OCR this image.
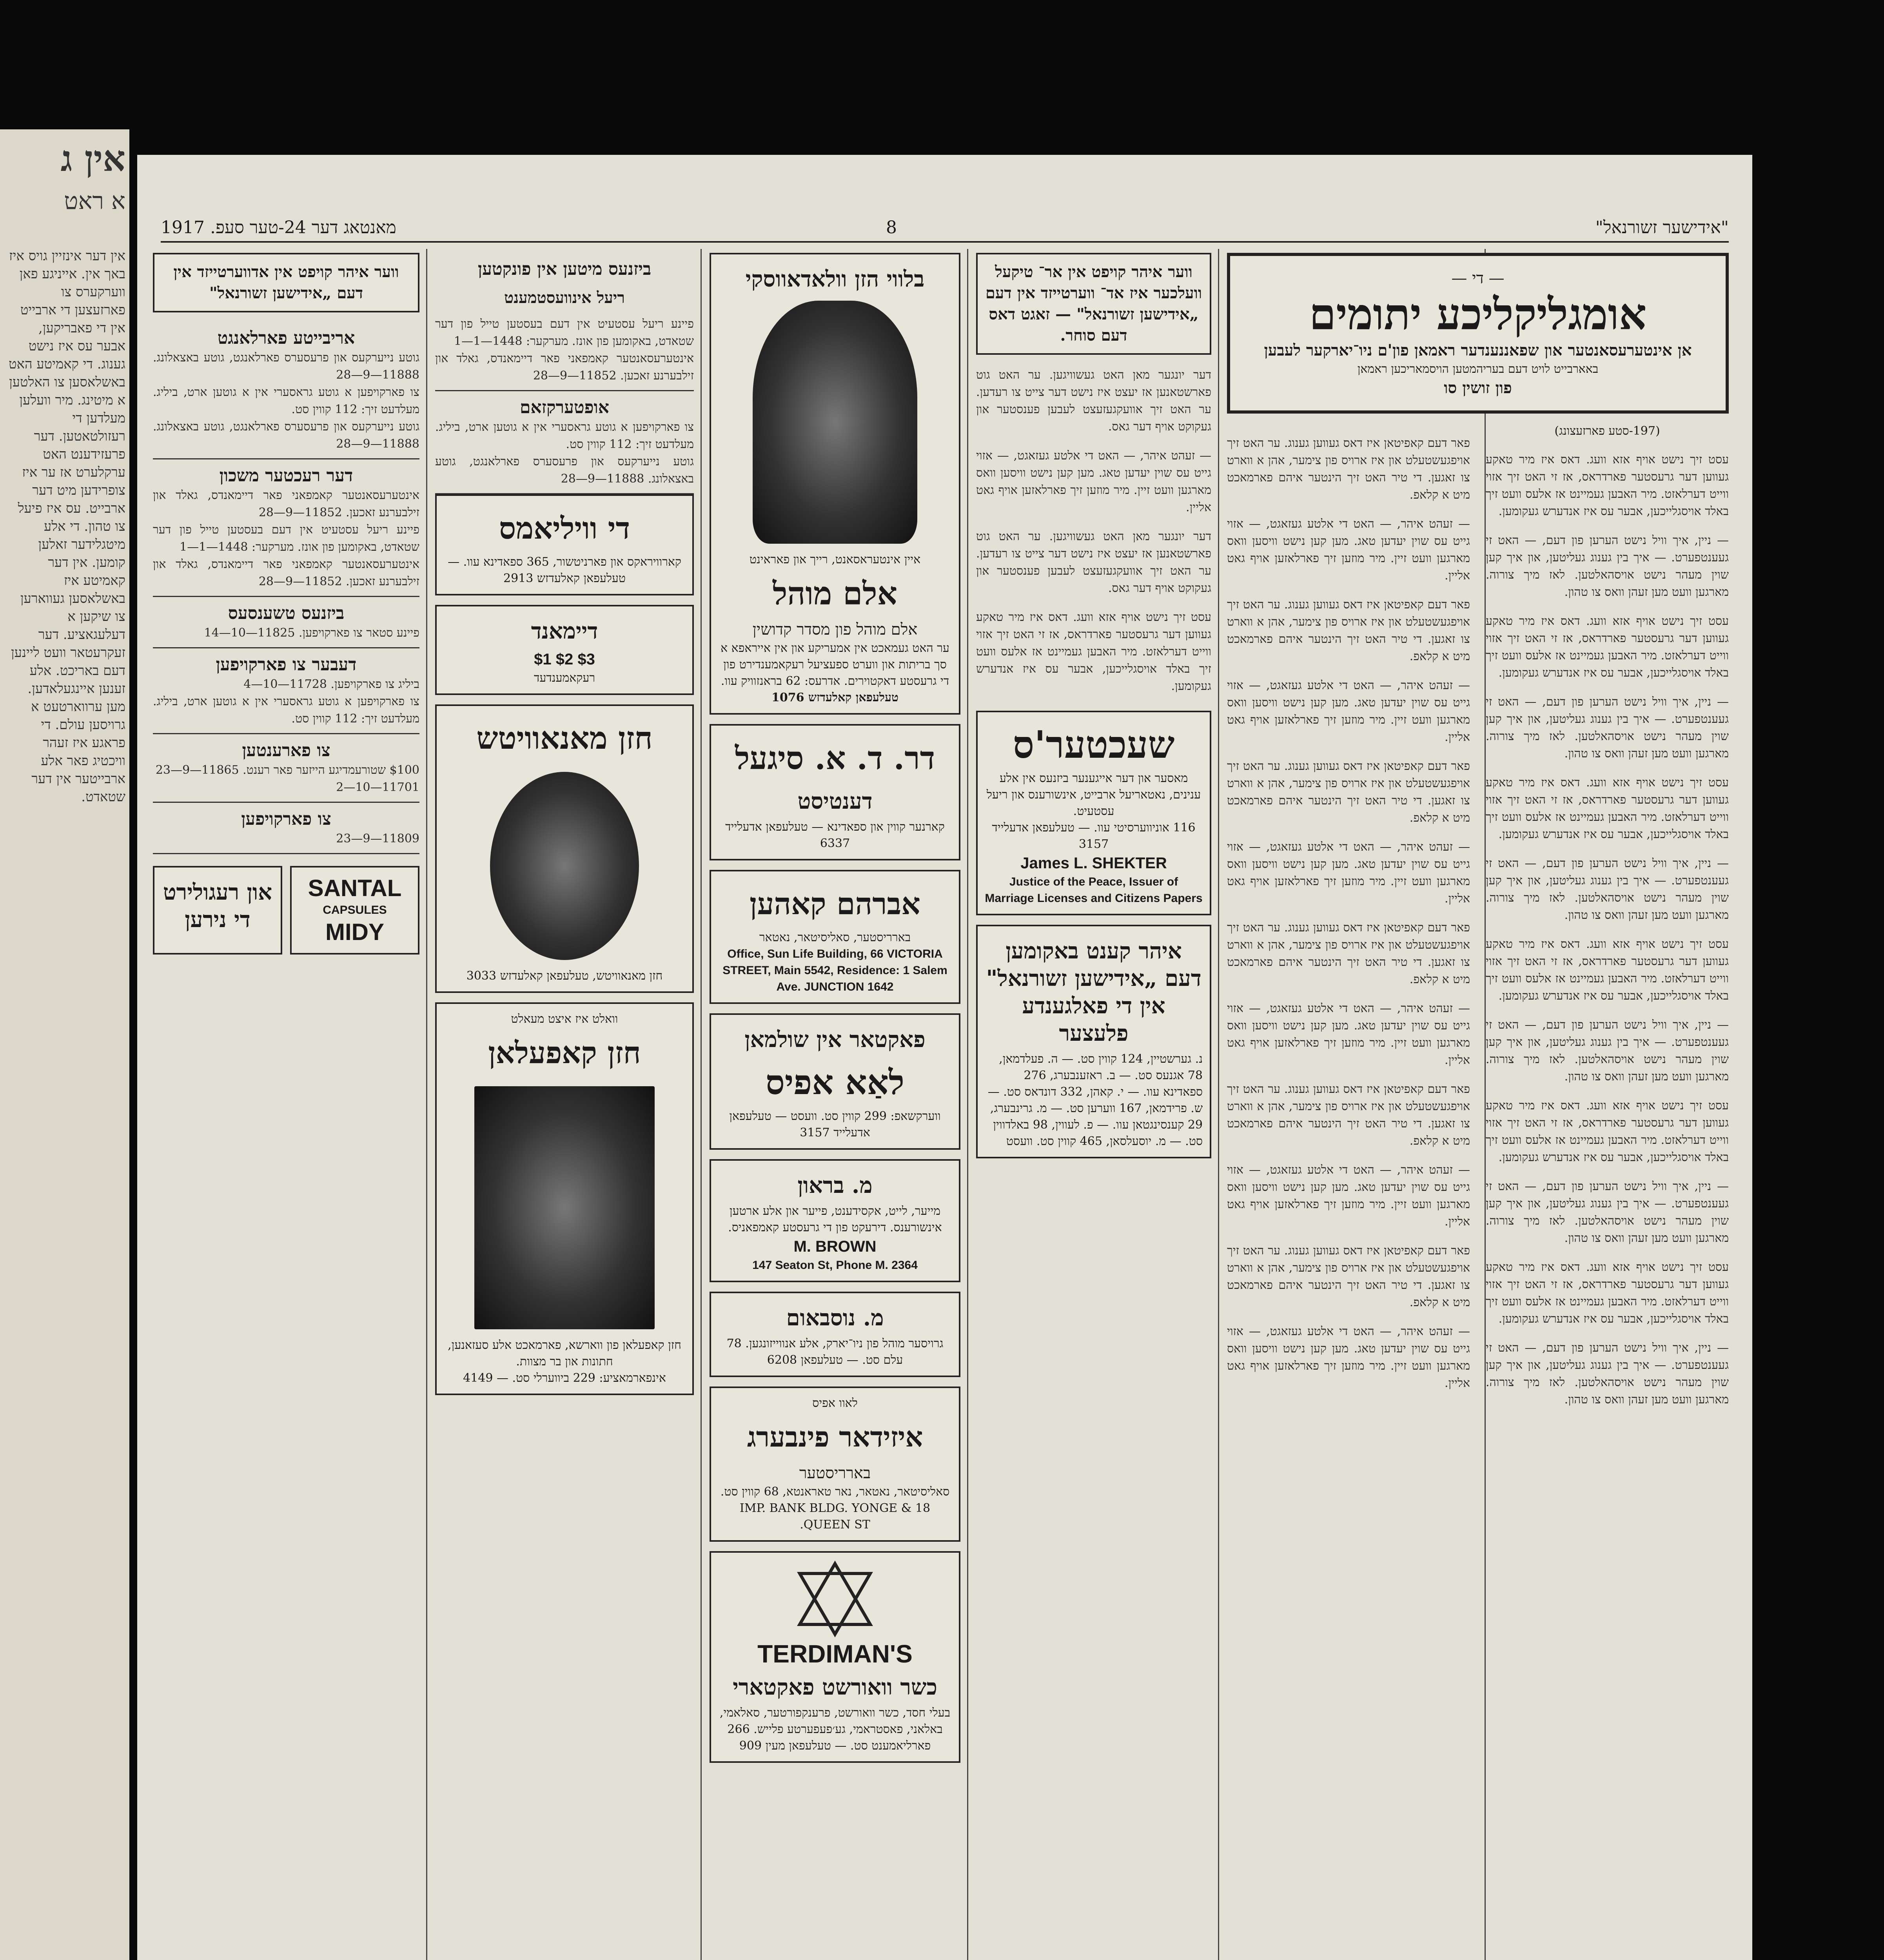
אין ג
א ראט
אין דער אינזיין גויס איז באך אין. אייניגע פאן ווערקערס צו פארזעצען די ארבייט אין די פאבריקען, אבער עס איז נישט גענוג. די קאמיטע האט באשלאסען צו האלטען א מיטינג. מיר וועלען מעלדען די רעזולטאטען. דער פרעזידענט האט ערקלערט אז ער איז צופרידען מיט דער ארבייט. עס איז פיעל צו טהון. די אלע מיטגלידער זאלען קומען. אין דער קאמיטע איז באשלאסען געווארען צו שיקען א דעלעגאציע. דער זעקרעטאר וועט ליינען דעם באריכט. אלע זענען איינגעלאדען. מען ערווארטעט א גרויסען עולם. די פראגע איז זעהר וויכטיג פאר אלע ארבייטער אין דער שטאדט.
"אידישער זשורנאל"
8
מאנטאג דער 24-טער סעפ. 1917
— די —
אומגליקליכע יתומים
אן אינטערעסאנטער און שפאננענדער ראמאן פון'ם ניו־יארקער לעבען
באארבייט לויט דעם בעריהמטען הויסמאריכען ראמאן
פון זושין סו
(197-סטע פארזעצונג)

עסט זיך נישט אויף אזא וועג. דאס איז מיר טאקע געווען דער גרעסטער פארדראס, אז זי האט זיך אזוי ווייט דערלאזט. מיר האבען געמיינט אז אלעס וועט זיך באלד אויסגלייכען, אבער עס איז אנדערש געקומען.

— ניין, איך וויל נישט הערען פון דעם, — האט זי געענטפערט. — איך בין גענוג געליטען, און איך קען שוין מעהר נישט אויסהאלטען. לאז מיך צורוה. מארגען וועט מען זעהן וואס צו טהון.

עסט זיך נישט אויף אזא וועג. דאס איז מיר טאקע געווען דער גרעסטער פארדראס, אז זי האט זיך אזוי ווייט דערלאזט. מיר האבען געמיינט אז אלעס וועט זיך באלד אויסגלייכען, אבער עס איז אנדערש געקומען.

— ניין, איך וויל נישט הערען פון דעם, — האט זי געענטפערט. — איך בין גענוג געליטען, און איך קען שוין מעהר נישט אויסהאלטען. לאז מיך צורוה. מארגען וועט מען זעהן וואס צו טהון.

עסט זיך נישט אויף אזא וועג. דאס איז מיר טאקע געווען דער גרעסטער פארדראס, אז זי האט זיך אזוי ווייט דערלאזט. מיר האבען געמיינט אז אלעס וועט זיך באלד אויסגלייכען, אבער עס איז אנדערש געקומען.

— ניין, איך וויל נישט הערען פון דעם, — האט זי געענטפערט. — איך בין גענוג געליטען, און איך קען שוין מעהר נישט אויסהאלטען. לאז מיך צורוה. מארגען וועט מען זעהן וואס צו טהון.

עסט זיך נישט אויף אזא וועג. דאס איז מיר טאקע געווען דער גרעסטער פארדראס, אז זי האט זיך אזוי ווייט דערלאזט. מיר האבען געמיינט אז אלעס וועט זיך באלד אויסגלייכען, אבער עס איז אנדערש געקומען.

— ניין, איך וויל נישט הערען פון דעם, — האט זי געענטפערט. — איך בין גענוג געליטען, און איך קען שוין מעהר נישט אויסהאלטען. לאז מיך צורוה. מארגען וועט מען זעהן וואס צו טהון.

עסט זיך נישט אויף אזא וועג. דאס איז מיר טאקע געווען דער גרעסטער פארדראס, אז זי האט זיך אזוי ווייט דערלאזט. מיר האבען געמיינט אז אלעס וועט זיך באלד אויסגלייכען, אבער עס איז אנדערש געקומען.

— ניין, איך וויל נישט הערען פון דעם, — האט זי געענטפערט. — איך בין גענוג געליטען, און איך קען שוין מעהר נישט אויסהאלטען. לאז מיך צורוה. מארגען וועט מען זעהן וואס צו טהון.

עסט זיך נישט אויף אזא וועג. דאס איז מיר טאקע געווען דער גרעסטער פארדראס, אז זי האט זיך אזוי ווייט דערלאזט. מיר האבען געמיינט אז אלעס וועט זיך באלד אויסגלייכען, אבער עס איז אנדערש געקומען.

— ניין, איך וויל נישט הערען פון דעם, — האט זי געענטפערט. — איך בין גענוג געליטען, און איך קען שוין מעהר נישט אויסהאלטען. לאז מיך צורוה. מארגען וועט מען זעהן וואס צו טהון.

פאר דעם קאפיטאן איז דאס געווען גענוג. ער האט זיך אויפגעשטעלט און איז ארויס פון צימער, אהן א ווארט צו זאגען. די טיר האט זיך הינטער איהם פארמאכט מיט א קלאפ.

— זעהט איהר, — האט די אלטע געזאגט, — אזוי גייט עס שוין יעדען טאג. מען קען נישט וויסען וואס מארגען וועט זיין. מיר מוזען זיך פארלאזען אויף גאט אליין.

פאר דעם קאפיטאן איז דאס געווען גענוג. ער האט זיך אויפגעשטעלט און איז ארויס פון צימער, אהן א ווארט צו זאגען. די טיר האט זיך הינטער איהם פארמאכט מיט א קלאפ.

— זעהט איהר, — האט די אלטע געזאגט, — אזוי גייט עס שוין יעדען טאג. מען קען נישט וויסען וואס מארגען וועט זיין. מיר מוזען זיך פארלאזען אויף גאט אליין.

פאר דעם קאפיטאן איז דאס געווען גענוג. ער האט זיך אויפגעשטעלט און איז ארויס פון צימער, אהן א ווארט צו זאגען. די טיר האט זיך הינטער איהם פארמאכט מיט א קלאפ.

— זעהט איהר, — האט די אלטע געזאגט, — אזוי גייט עס שוין יעדען טאג. מען קען נישט וויסען וואס מארגען וועט זיין. מיר מוזען זיך פארלאזען אויף גאט אליין.

פאר דעם קאפיטאן איז דאס געווען גענוג. ער האט זיך אויפגעשטעלט און איז ארויס פון צימער, אהן א ווארט צו זאגען. די טיר האט זיך הינטער איהם פארמאכט מיט א קלאפ.

— זעהט איהר, — האט די אלטע געזאגט, — אזוי גייט עס שוין יעדען טאג. מען קען נישט וויסען וואס מארגען וועט זיין. מיר מוזען זיך פארלאזען אויף גאט אליין.

פאר דעם קאפיטאן איז דאס געווען גענוג. ער האט זיך אויפגעשטעלט און איז ארויס פון צימער, אהן א ווארט צו זאגען. די טיר האט זיך הינטער איהם פארמאכט מיט א קלאפ.

— זעהט איהר, — האט די אלטע געזאגט, — אזוי גייט עס שוין יעדען טאג. מען קען נישט וויסען וואס מארגען וועט זיין. מיר מוזען זיך פארלאזען אויף גאט אליין.

פאר דעם קאפיטאן איז דאס געווען גענוג. ער האט זיך אויפגעשטעלט און איז ארויס פון צימער, אהן א ווארט צו זאגען. די טיר האט זיך הינטער איהם פארמאכט מיט א קלאפ.

— זעהט איהר, — האט די אלטע געזאגט, — אזוי גייט עס שוין יעדען טאג. מען קען נישט וויסען וואס מארגען וועט זיין. מיר מוזען זיך פארלאזען אויף גאט אליין.

ווער איהר קויפט אין אר־ טיקעל וועלכער איז אד־ ווערטייזד אין דעם „אידישען זשורנאל" — זאגט דאס דעם סוחר.

דער יונגער מאן האט געשוויגען. ער האט גוט פארשטאנען אז יעצט איז נישט דער צייט צו רעדען. ער האט זיך אוועקגעזעצט לעבען פענסטער און געקוקט אויף דער גאס.

— זעהט איהר, — האט די אלטע געזאגט, — אזוי גייט עס שוין יעדען טאג. מען קען נישט וויסען וואס מארגען וועט זיין. מיר מוזען זיך פארלאזען אויף גאט אליין.

דער יונגער מאן האט געשוויגען. ער האט גוט פארשטאנען אז יעצט איז נישט דער צייט צו רעדען. ער האט זיך אוועקגעזעצט לעבען פענסטער און געקוקט אויף דער גאס.

עסט זיך נישט אויף אזא וועג. דאס איז מיר טאקע געווען דער גרעסטער פארדראס, אז זי האט זיך אזוי ווייט דערלאזט. מיר האבען געמיינט אז אלעס וועט זיך באלד אויסגלייכען, אבער עס איז אנדערש געקומען.

שעכטער'ס
מאסער און דער אייגענער ביזנעס אין אלע ענינים, נאטאריעל ארבייט, אינשורענס און ריעל עסטעיט.
116 אוניווערסיטי עוו. — טעלעפאן אדעלייד 3157
James L. SHEKTER
Justice of the Peace, Issuer of Marriage Licenses and Citizens Papers
איהר קענט באקומען דעם „אידישען זשורנאל" אין די פאלגענדע פלעצער
נ. גערשטיין, 124 קווין סט. — ה. פעלדמאן, 78 אגנעס סט. — ב. ראזענבערג, 276 ספאדינא עוו. — י. קאהן, 332 דונדאס סט. — ש. פרידמאן, 167 ווערען סט. — מ. גרינבערג, 29 קענסינגטאן עוו. — פ. לעווין, 98 באלדווין סט. — מ. יוסעלסאן, 465 קווין סט. וועסט
בלווי הזן וולאדאווסקי
איין אינטעראסאנט, רייך און פאראינט
אלם מוהל
אלם מוהל פון מסדר קדושין
ער האט געמאכט אין אמעריקע און אין אייראפא א סך בריתות און ווערט ספעציעל רעקאמענדירט פון די גרעסטע דאקטוירים. אדרעס: 62 בראנזוויק עוו.
טעלעפאן קאלעדזש 1076
דר. ד. א. סיגעל
דענטיסט
קארנער קווין און ספאדינא — טעלעפאן אדעלייד 6337
אברהם קאהען
בארריסטער, סאליסיטאר, נאטאר
Office, Sun Life Building, 66 VICTORIA STREET, Main 5542, Residence: 1 Salem Ave. JUNCTION 1642
פאקטאר אין שולמאן
לאַא אפיס
ווערקשאפ: 299 קווין סט. וועסט — טעלעפאן אדעלייד 3157
מ. בראון
מייער, לייט, אקסידענט, פייער און אלע ארטען אינשורענס. דירעקט פון די גרעסטע קאמפאניס.
M. BROWN
147 Seaton St, Phone M. 2364
מ. נוסבאום
גרויסער מוהל פון ניו־יארק, אלע אנווייזונגען. 78 עלם סט. — טעלעפאן 6208
לאוו אפיס
איזידאר פינבערג
בארריסטער
סאליסיטאר, נאטאר, נאר טאראנטא, 68 קווין סט. 18 IMP. BANK BLDG. YONGE & QUEEN ST.
TERDIMAN'S
כשר וואורשט פאקטארי
בעלי חסד, כשר וואורשט, פרענקפורטער, סאלאמי, באלאני, פאסטראמי, גע׳פעפערטע פלייש. 266 פארליאמענט סט. — טעלעפאן מעין 909
ביזנעס מיטען אין פונקטען
ריעל אינוועסטמענט
פיינע ריעל עסטעיט אין דעם בעסטען טייל פון דער שטאדט, באקומען פון אונז. מערקער: 1448—1—1
אינטערעסאנטער קאמפאני פאר דיימאנדס, גאלד און זילבערנע זאכען. 11852—9—28
אופטערקזאם
צו פארקויפען א גוטע גראסערי אין א גוטען ארט, ביליג. מעלדעט זיך: 112 קווין סט.
גוטע נייערקעס און פרעסערס פארלאנגט, גוטע באצאלונג. 11888—9—28
די וויליאמס
קארוויראקס און פארניטשור, 365 ספאדינא עוו. — טעלעפאן קאלעדזש 2913
דיימאנד
$1 $2 $3
רעקאמענדעד
חזן מאנאוויטש
חזן מאנאוויטש, טעלעפאן קאלעדזש 3033
וואלט איז איצט מעאלט
חזן קאפעלאן
חזן קאפעלאן פון ווארשא, פארמאכט אלע סעזאנען, חתונות און בר מצוות.
אינפארמאציע: 229 ביווערלי סט. — 4149
ווער איהר קויפט אין אדווערטייזד אין דעם „אידישען זשורנאל"
אריבייטע פארלאנגט
גוטע נייערקעס און פרעסערס פארלאנגט, גוטע באצאלונג. 11888—9—28
צו פארקויפען א גוטע גראסערי אין א גוטען ארט, ביליג. מעלדעט זיך: 112 קווין סט.
גוטע נייערקעס און פרעסערס פארלאנגט, גוטע באצאלונג. 11888—9—28
דער רעכטער משכון
אינטערעסאנטער קאמפאני פאר דיימאנדס, גאלד און זילבערנע זאכען. 11852—9—28
פיינע ריעל עסטעיט אין דעם בעסטען טייל פון דער שטאדט, באקומען פון אונז. מערקער: 1448—1—1
אינטערעסאנטער קאמפאני פאר דיימאנדס, גאלד און זילבערנע זאכען. 11852—9—28
ביזנעס טשענסעס
פיינע סטאר צו פארקויפען. 11825—10—14
דעבער צו פארקויפען
ביליג צו פארקויפען. 11728—10—4
צו פארקויפען א גוטע גראסערי אין א גוטען ארט, ביליג. מעלדעט זיך: 112 קווין סט.
צו פארענטען
$100 שטורעמדיגע הייזער פאר רענט. 11865—9—23
11701—10—2
צו פארקויפען
11809—9—23
SANTAL
CAPSULES
MIDY
און רעגולירט די נירען
